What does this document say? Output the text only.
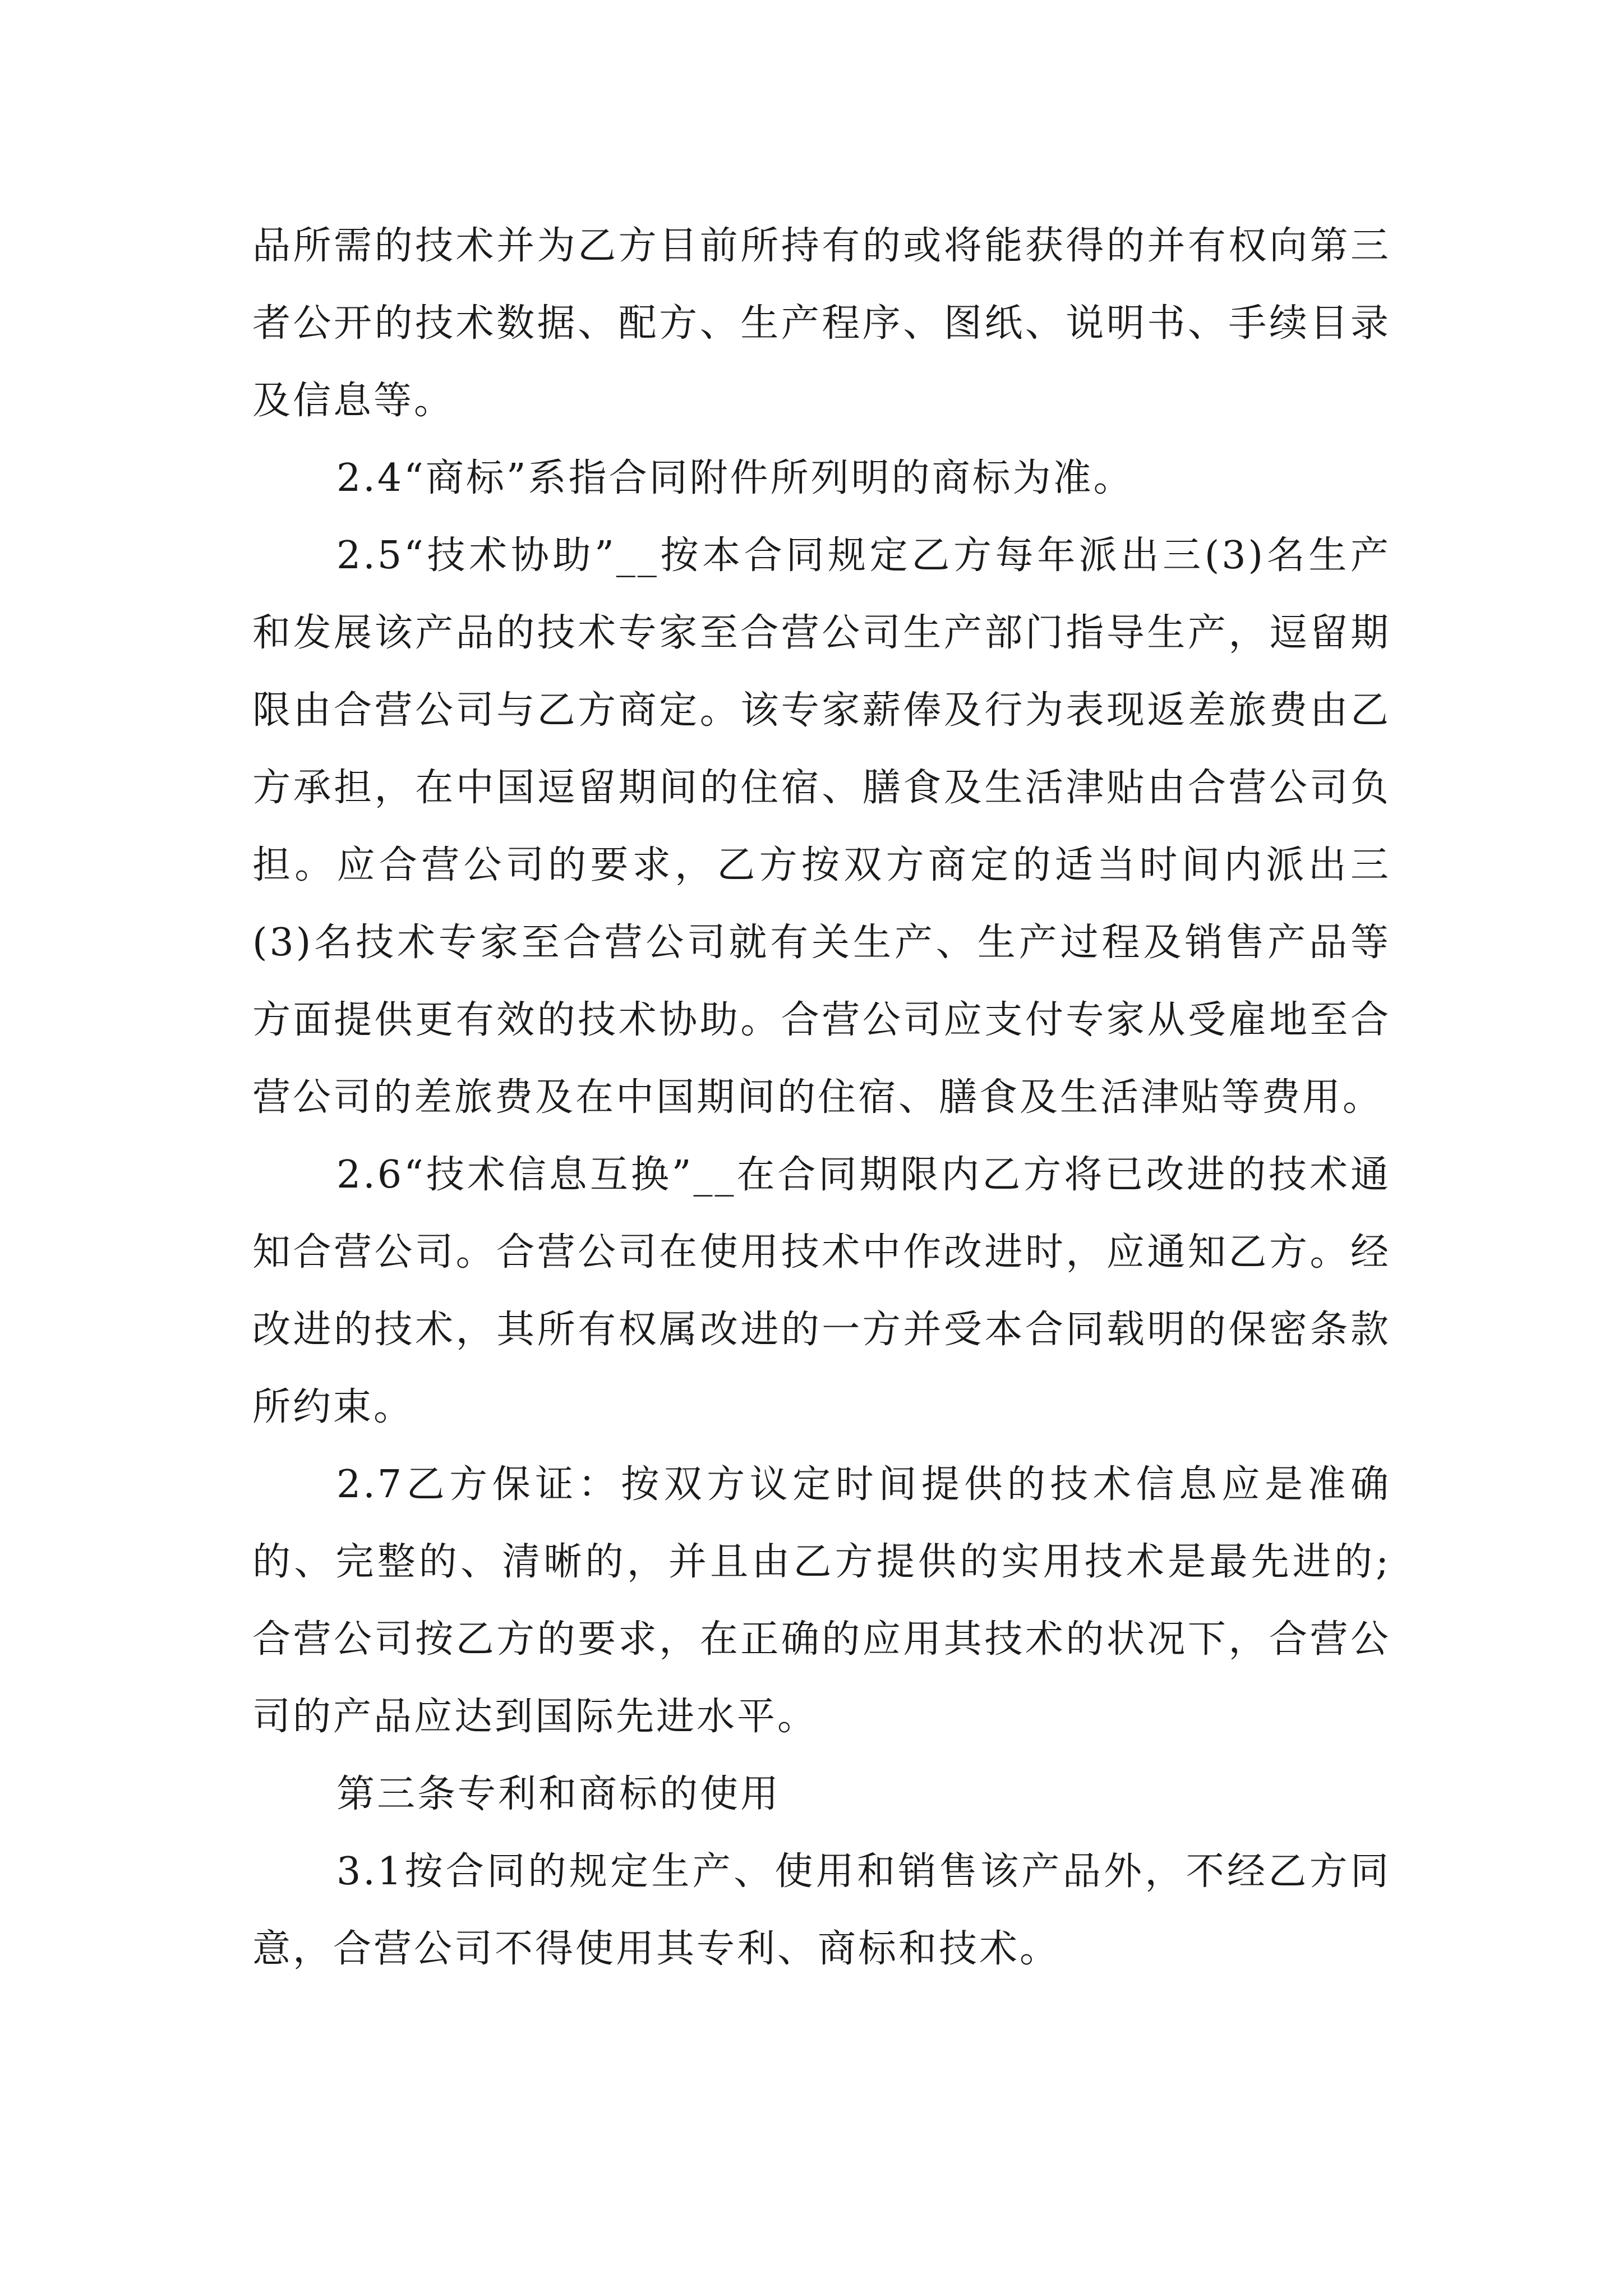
品所需的技术并为乙方目前所持有的或将能获得的并有权向第三者公开的技术数据、配方、生产程序、图纸、说明书、手续目录及信息等。

2.4“商标”系指合同附件所列明的商标为准。

2.5“技术协助”__按本合同规定乙方每年派出三(3)名生产和发展该产品的技术专家至合营公司生产部门指导生产，逗留期限由合营公司与乙方商定。该专家薪俸及行为表现返差旅费由乙方承担，在中国逗留期间的住宿、膳食及生活津贴由合营公司负担。应合营公司的要求，乙方按双方商定的适当时间内派出三(3)名技术专家至合营公司就有关生产、生产过程及销售产品等方面提供更有效的技术协助。合营公司应支付专家从受雇地至合营公司的差旅费及在中国期间的住宿、膳食及生活津贴等费用。

2.6“技术信息互换”__在合同期限内乙方将已改进的技术通知合营公司。合营公司在使用技术中作改进时，应通知乙方。经改进的技术，其所有权属改进的一方并受本合同载明的保密条款所约束。

2.7乙方保证：按双方议定时间提供的技术信息应是准确的、完整的、清晰的，并且由乙方提供的实用技术是最先进的;合营公司按乙方的要求，在正确的应用其技术的状况下，合营公司的产品应达到国际先进水平。

第三条专利和商标的使用

3.1按合同的规定生产、使用和销售该产品外，不经乙方同意，合营公司不得使用其专利、商标和技术。
